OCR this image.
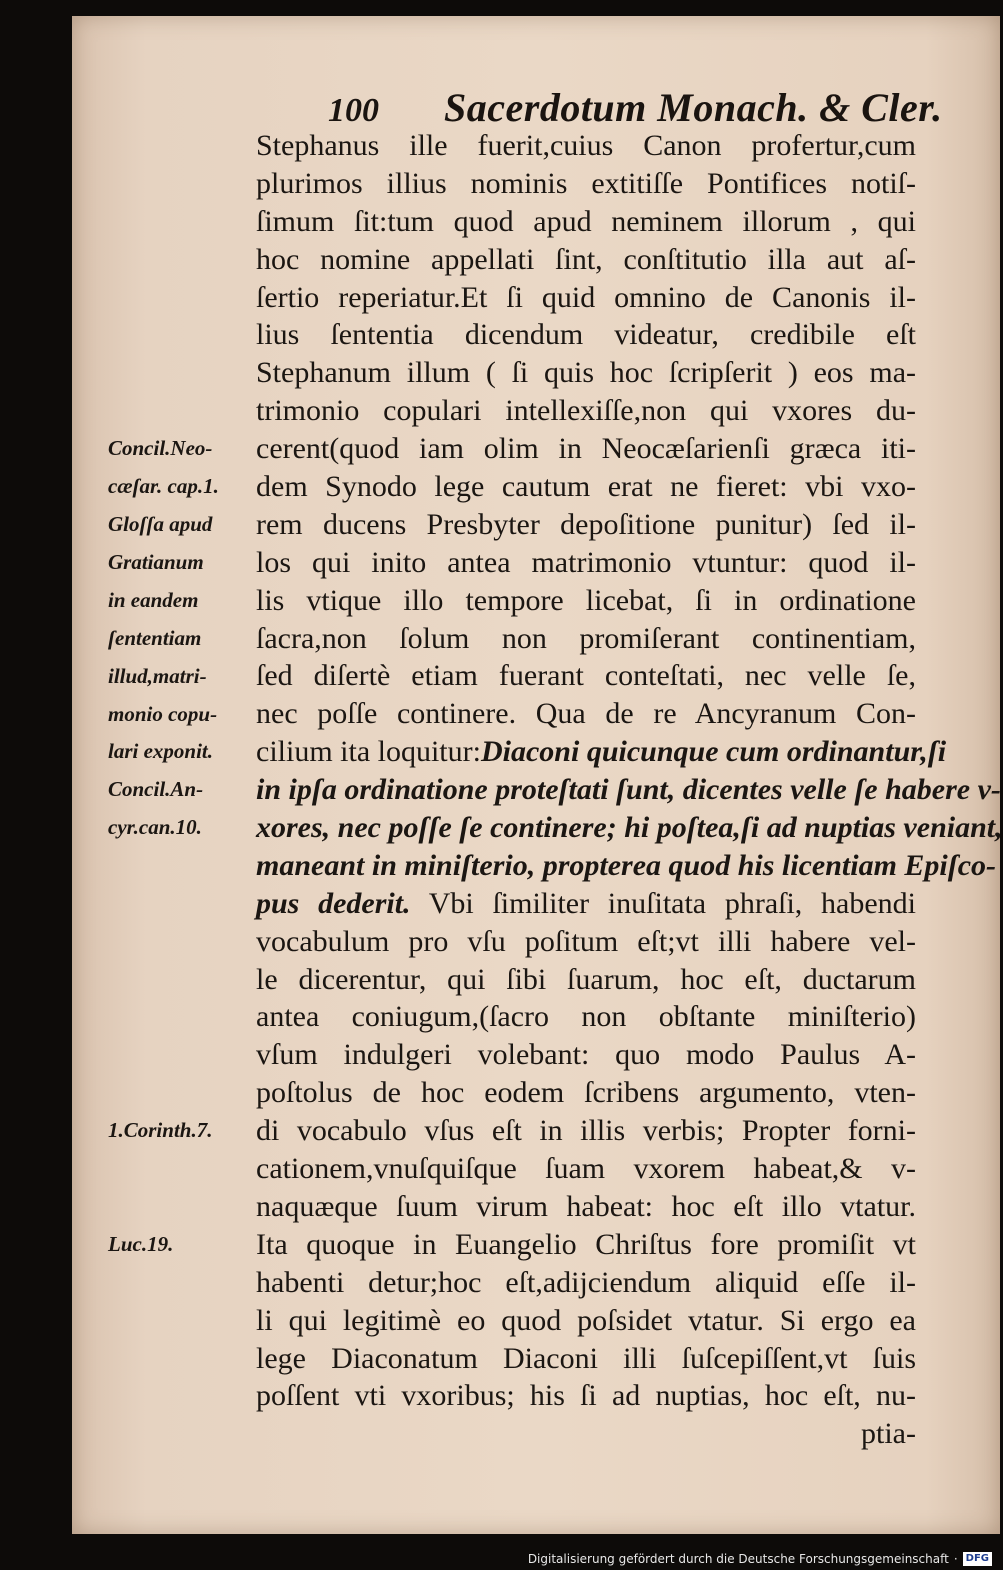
100 Sacerdotum Monach. & Cler.
Stephanus ille fuerit,cuius Canon profertur,cum
plurimos illius nominis extitiſſe Pontifices notiſ-
ſimum ſit:tum quod apud neminem illorum , qui
hoc nomine appellati ſint, conſtitutio illa aut aſ-
ſertio reperiatur.Et ſi quid omnino de Canonis il-
lius ſententia dicendum videatur, credibile eſt
Stephanum illum ( ſi quis hoc ſcripſerit ) eos ma-
trimonio copulari intellexiſſe,non qui vxores du-
cerent(quod iam olim in Neocæſarienſi græca iti-
dem Synodo lege cautum erat ne fieret: vbi vxo-
rem ducens Presbyter depoſitione punitur) ſed il-
los qui inito antea matrimonio vtuntur: quod il-
lis vtique illo tempore licebat, ſi in ordinatione
ſacra,non ſolum non promiſerant continentiam,
ſed diſertè etiam fuerant conteſtati, nec velle ſe,
nec poſſe continere. Qua de re Ancyranum Con-
cilium ita loquitur:Diaconi quicunque cum ordinantur,ſi
in ipſa ordinatione proteſtati ſunt, dicentes velle ſe habere v-
xores, nec poſſe ſe continere; hi poſtea,ſi ad nuptias veniant,
maneant in miniſterio, propterea quod his licentiam Epiſco-
pus dederit. Vbi ſimiliter inuſitata phraſi, habendi
vocabulum pro vſu poſitum eſt;vt illi habere vel-
le dicerentur, qui ſibi ſuarum, hoc eſt, ductarum
antea coniugum,(ſacro non obſtante miniſterio)
vſum indulgeri volebant: quo modo Paulus A-
poſtolus de hoc eodem ſcribens argumento, vten-
di vocabulo vſus eſt in illis verbis; Propter forni-
cationem,vnuſquiſque ſuam vxorem habeat,& v-
naquæque ſuum virum habeat: hoc eſt illo vtatur.
Ita quoque in Euangelio Chriſtus fore promiſit vt
habenti detur;hoc eſt,adijciendum aliquid eſſe il-
li qui legitimè eo quod poſsidet vtatur. Si ergo ea
lege Diaconatum Diaconi illi ſuſcepiſſent,vt ſuis
poſſent vti vxoribus; his ſi ad nuptias, hoc eſt, nu-
ptia-
Concil.Neo-
cæſar. cap.1.
Gloſſa apud
Gratianum
in eandem
ſententiam
illud,matri-
monio copu-
lari exponit.
Concil.An-
cyr.can.10.
1.Corinth.7.
Luc.19.
Digitalisierung gefördert durch die Deutsche Forschungsgemeinschaft · DFG
